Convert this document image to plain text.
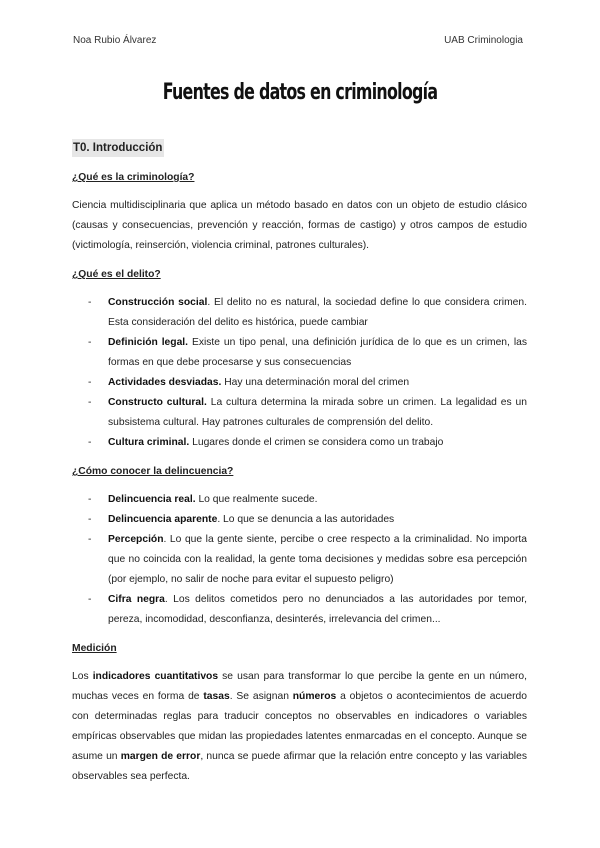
Noa Rubio Álvarez	UAB Criminologia
Fuentes de datos en criminología

T0. Introducción

¿Qué es la criminología?

Ciencia multidisciplinaria que aplica un método basado en datos con un objeto de estudio clásico (causas y consecuencias, prevención y reacción, formas de castigo) y otros campos de estudio (victimología, reinserción, violencia criminal, patrones culturales).

¿Qué es el delito?

- Construcción social. El delito no es natural, la sociedad define lo que considera crimen. Esta consideración del delito es histórica, puede cambiar
- Definición legal. Existe un tipo penal, una definición jurídica de lo que es un crimen, las formas en que debe procesarse y sus consecuencias
- Actividades desviadas. Hay una determinación moral del crimen
- Constructo cultural. La cultura determina la mirada sobre un crimen. La legalidad es un subsistema cultural. Hay patrones culturales de comprensión del delito.
- Cultura criminal. Lugares donde el crimen se considera como un trabajo

¿Cómo conocer la delincuencia?

- Delincuencia real. Lo que realmente sucede.
- Delincuencia aparente. Lo que se denuncia a las autoridades
- Percepción. Lo que la gente siente, percibe o cree respecto a la criminalidad. No importa que no coincida con la realidad, la gente toma decisiones y medidas sobre esa percepción (por ejemplo, no salir de noche para evitar el supuesto peligro)
- Cifra negra. Los delitos cometidos pero no denunciados a las autoridades por temor, pereza, incomodidad, desconfianza, desinterés, irrelevancia del crimen...

Medición

Los indicadores cuantitativos se usan para transformar lo que percibe la gente en un número, muchas veces en forma de tasas. Se asignan números a objetos o acontecimientos de acuerdo con determinadas reglas para traducir conceptos no observables en indicadores o variables empíricas observables que midan las propiedades latentes enmarcadas en el concepto. Aunque se asume un margen de error, nunca se puede afirmar que la relación entre concepto y las variables observables sea perfecta.
